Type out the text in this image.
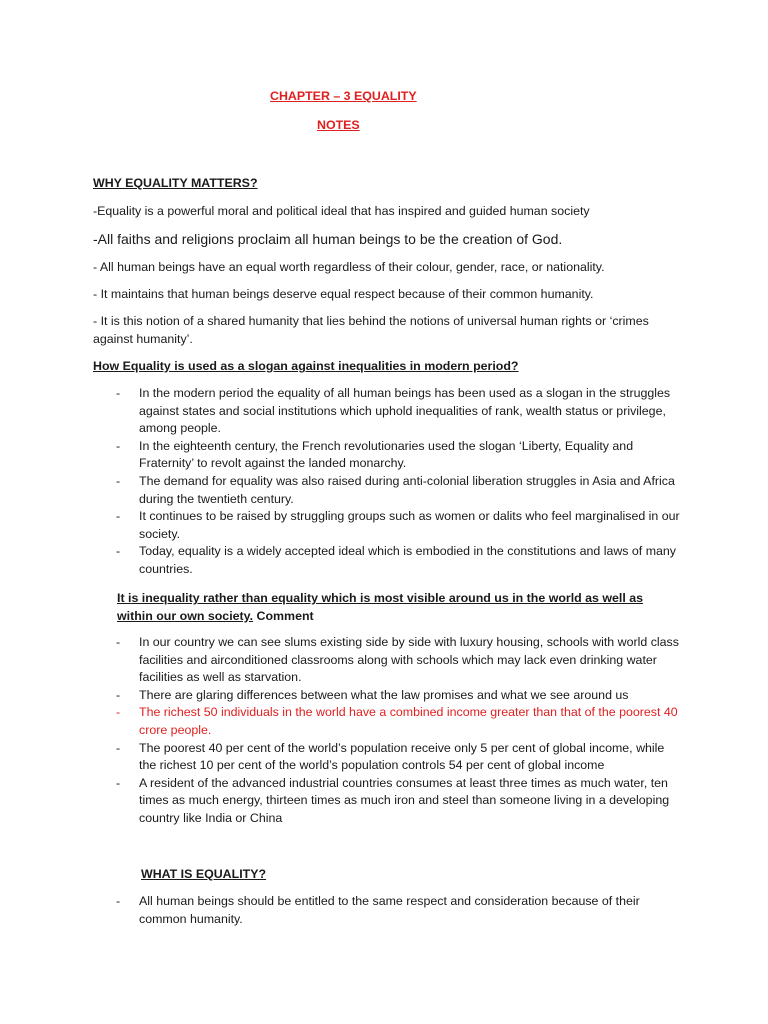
CHAPTER – 3 EQUALITY
NOTES
WHY EQUALITY MATTERS?
-Equality is a powerful moral and political ideal that has inspired and guided human society
-All faiths and religions proclaim all human beings to be the creation of God.
- All human beings have an equal worth regardless of their colour, gender, race, or nationality.
- It maintains that human beings deserve equal respect because of their common humanity.
- It is this notion of a shared humanity that lies behind the notions of universal human rights or ‘crimes against humanity’.
How Equality is used as a slogan against inequalities in modern period?
- In the modern period the equality of all human beings has been used as a slogan in the struggles against states and social institutions which uphold inequalities of rank, wealth status or privilege, among people.
- In the eighteenth century, the French revolutionaries used the slogan ‘Liberty, Equality and Fraternity’ to revolt against the landed monarchy.
- The demand for equality was also raised during anti-colonial liberation struggles in Asia and Africa during the twentieth century.
- It continues to be raised by struggling groups such as women or dalits who feel marginalised in our society.
- Today, equality is a widely accepted ideal which is embodied in the constitutions and laws of many countries.
It is inequality rather than equality which is most visible around us in the world as well as within our own society. Comment
- In our country we can see slums existing side by side with luxury housing, schools with world class facilities and airconditioned classrooms along with schools which may lack even drinking water facilities as well as starvation.
- There are glaring differences between what the law promises and what we see around us
- The richest 50 individuals in the world have a combined income greater than that of the poorest 40 crore people.
- The poorest 40 per cent of the world’s population receive only 5 per cent of global income, while the richest 10 per cent of the world’s population controls 54 per cent of global income
- A resident of the advanced industrial countries consumes at least three times as much water, ten times as much energy, thirteen times as much iron and steel than someone living in a developing country like India or China
WHAT IS EQUALITY?
- All human beings should be entitled to the same respect and consideration because of their common humanity.
